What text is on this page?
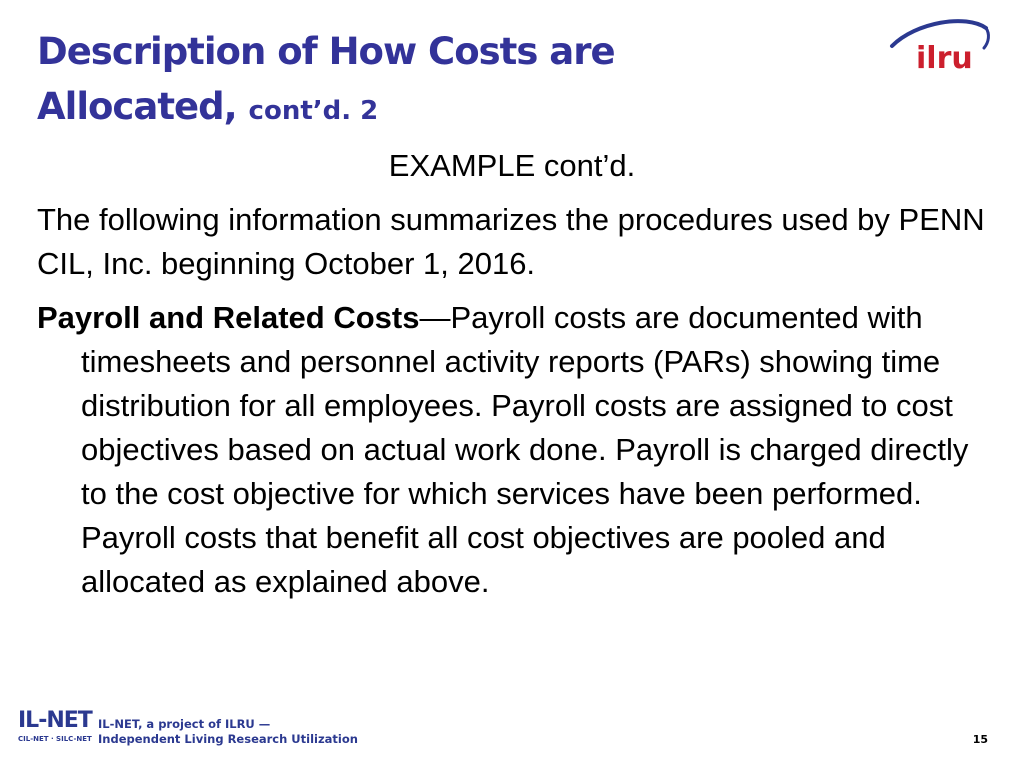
Description of How Costs are
Allocated, cont’d. 2
ilru
EXAMPLE cont’d.
The following information summarizes the procedures used by PENN CIL, Inc. beginning October 1, 2016.
Payroll and Related Costs—Payroll costs are documented with timesheets and personnel activity reports (PARs) showing time distribution for all employees. Payroll costs are assigned to cost objectives based on actual work done. Payroll is charged directly to the cost objective for which services have been performed. Payroll costs that benefit all cost objectives are pooled and allocated as explained above.
IL-NET
CIL-NET · SILC-NET
IL-NET, a project of ILRU —
Independent Living Research Utilization	15
